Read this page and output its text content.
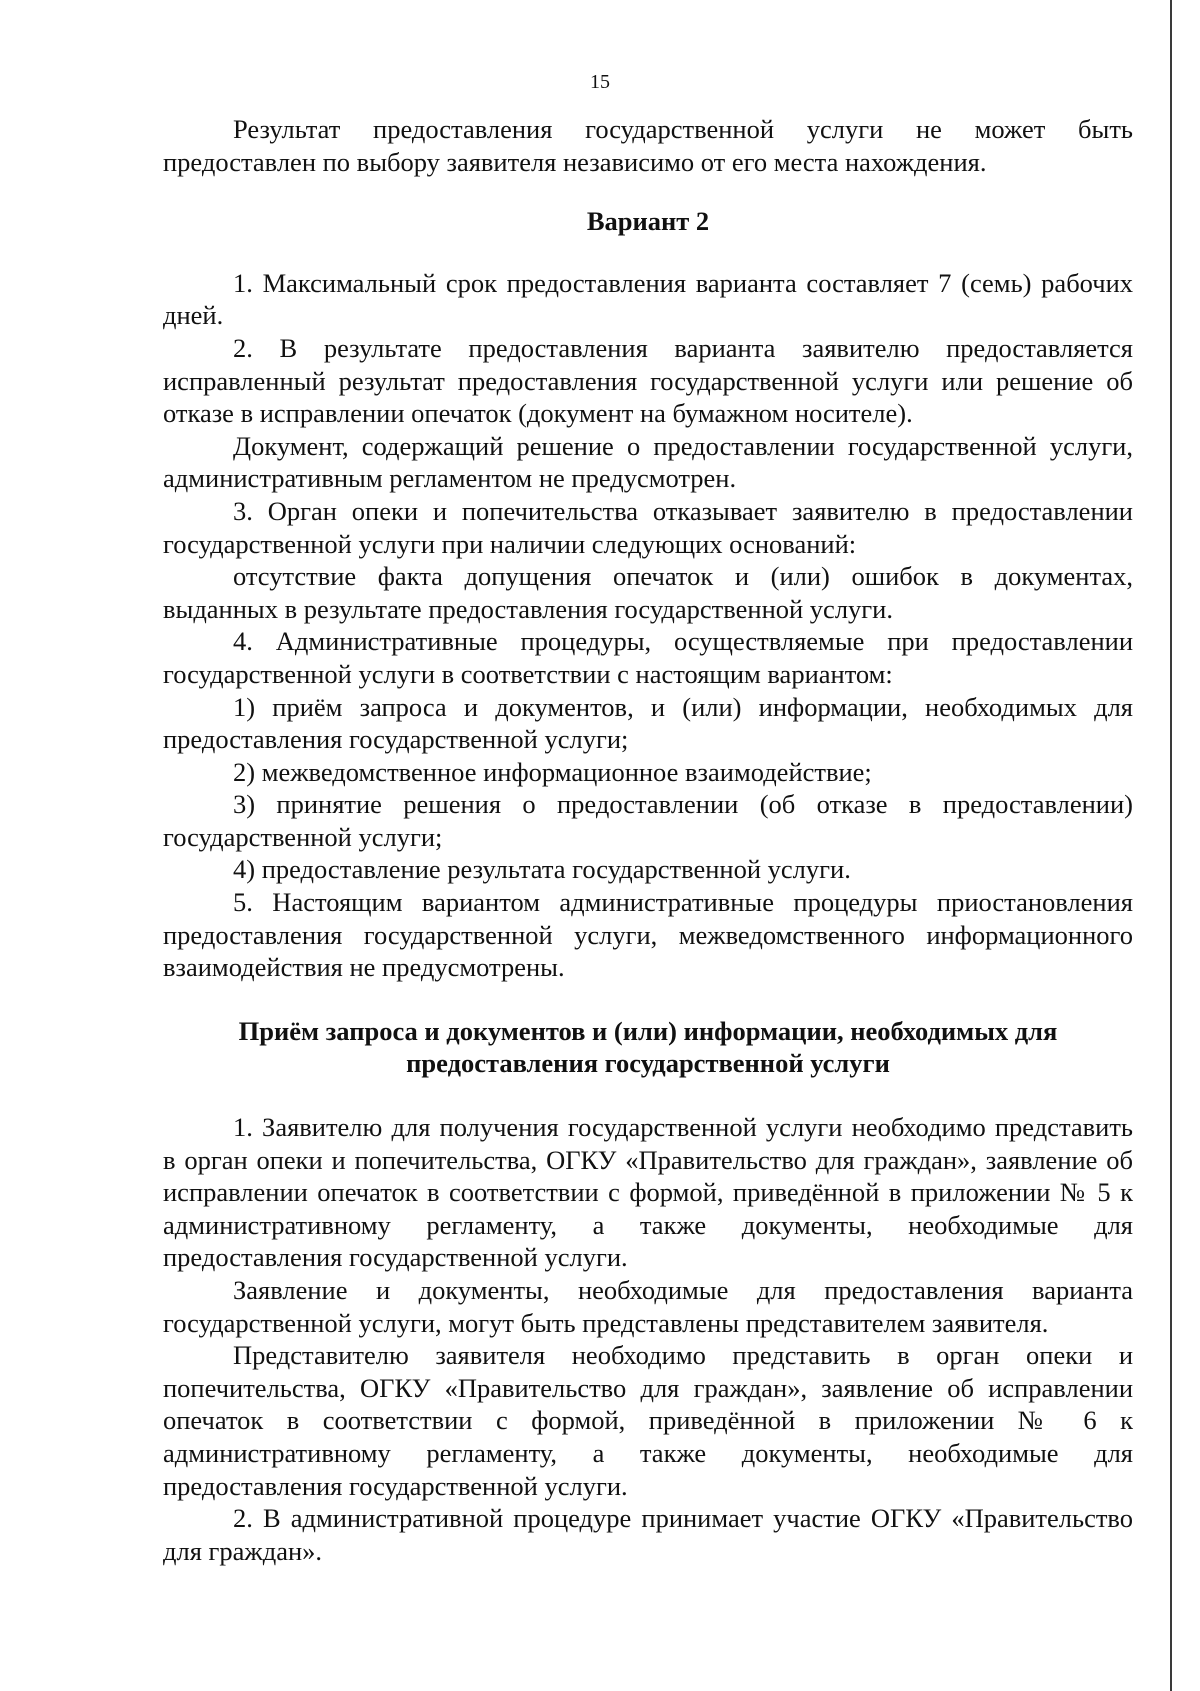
15

Результат предоставления государственной услуги не может быть предоставлен по выбору заявителя независимо от его места нахождения.

Вариант 2

1. Максимальный срок предоставления варианта составляет 7 (семь) рабочих дней.

2. В результате предоставления варианта заявителю предоставляется исправленный результат предоставления государственной услуги или решение об отказе в исправлении опечаток (документ на бумажном носителе).

Документ, содержащий решение о предоставлении государственной услуги, административным регламентом не предусмотрен.

3. Орган опеки и попечительства отказывает заявителю в предоставлении государственной услуги при наличии следующих оснований:

отсутствие факта допущения опечаток и (или) ошибок в документах, выданных в результате предоставления государственной услуги.

4. Административные процедуры, осуществляемые при предоставлении государственной услуги в соответствии с настоящим вариантом:

1) приём запроса и документов, и (или) информации, необходимых для предоставления государственной услуги;

2) межведомственное информационное взаимодействие;

3) принятие решения о предоставлении (об отказе в предоставлении) государственной услуги;

4) предоставление результата государственной услуги.

5. Настоящим вариантом административные процедуры приостановления предоставления государственной услуги, межведомственного информационного взаимодействия не предусмотрены.

Приём запроса и документов и (или) информации, необходимых для
предоставления государственной услуги

1. Заявителю для получения государственной услуги необходимо представить в орган опеки и попечительства, ОГКУ «Правительство для граждан», заявление об исправлении опечаток в соответствии с формой, приведённой в приложении № 5 к административному регламенту, а также документы, необходимые для предоставления государственной услуги.

Заявление и документы, необходимые для предоставления варианта государственной услуги, могут быть представлены представителем заявителя.

Представителю заявителя необходимо представить в орган опеки и попечительства, ОГКУ «Правительство для граждан», заявление об исправлении опечаток в соответствии с формой, приведённой в приложении № 6 к административному регламенту, а также документы, необходимые для предоставления государственной услуги.

2. В административной процедуре принимает участие ОГКУ «Правительство для граждан».
